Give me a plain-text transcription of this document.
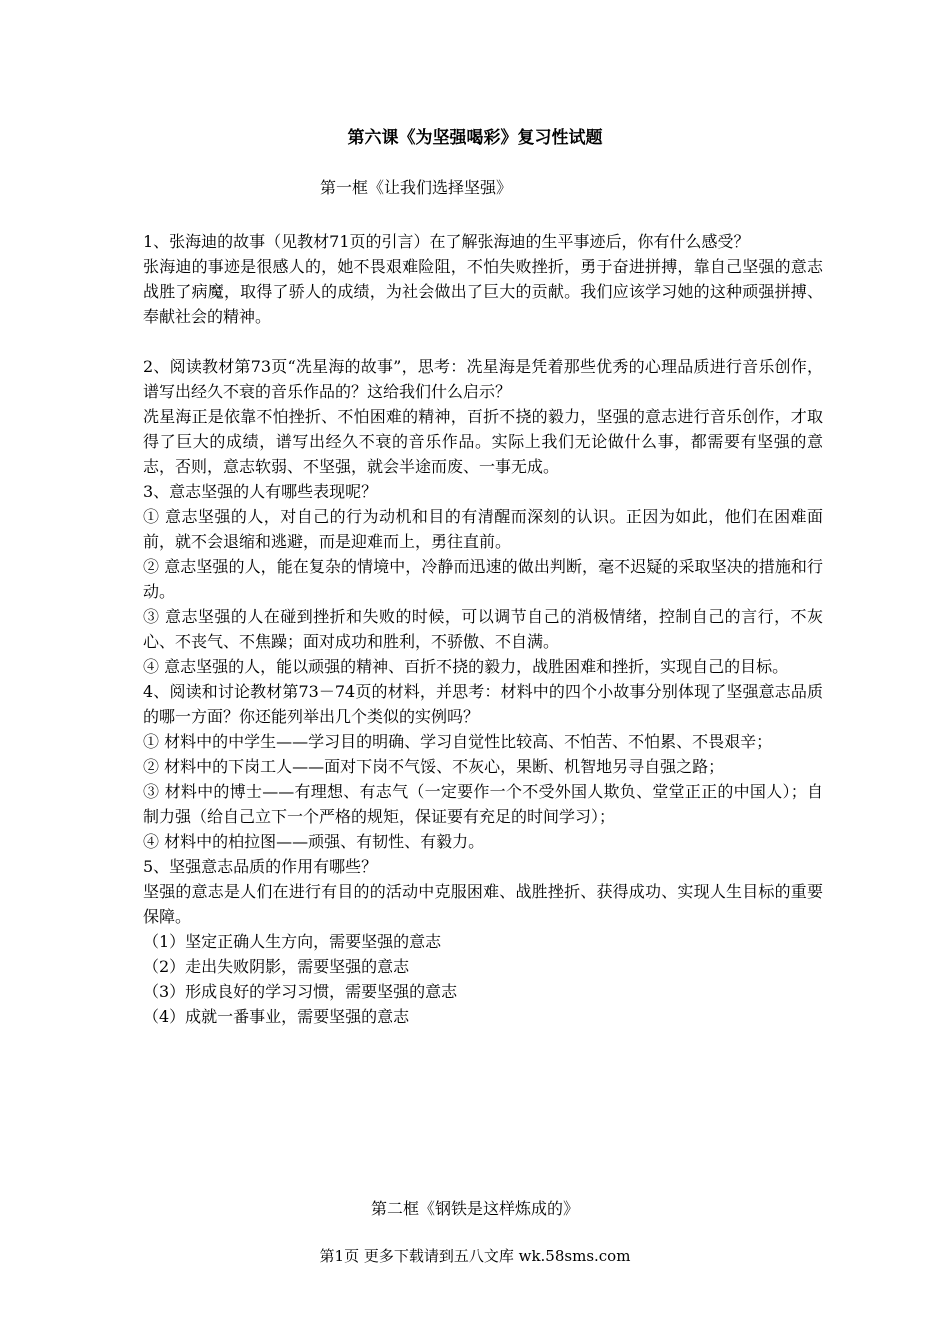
第六课《为坚强喝彩》复习性试题
第一框《让我们选择坚强》

1、张海迪的故事（见教材71页的引言）在了解张海迪的生平事迹后，你有什么感受？

张海迪的事迹是很感人的，她不畏艰难险阻，不怕失败挫折，勇于奋进拼搏，靠自己坚强的意志战胜了病魔，取得了骄人的成绩，为社会做出了巨大的贡献。我们应该学习她的这种顽强拼搏、奉献社会的精神。

2、阅读教材第73页“冼星海的故事”，思考：冼星海是凭着那些优秀的心理品质进行音乐创作，谱写出经久不衰的音乐作品的？这给我们什么启示？

冼星海正是依靠不怕挫折、不怕困难的精神，百折不挠的毅力，坚强的意志进行音乐创作，才取得了巨大的成绩，谱写出经久不衰的音乐作品。实际上我们无论做什么事，都需要有坚强的意志，否则，意志软弱、不坚强，就会半途而废、一事无成。

3、意志坚强的人有哪些表现呢？

① 意志坚强的人，对自己的行为动机和目的有清醒而深刻的认识。正因为如此，他们在困难面前，就不会退缩和逃避，而是迎难而上，勇往直前。

② 意志坚强的人，能在复杂的情境中，冷静而迅速的做出判断，毫不迟疑的采取坚决的措施和行动。

③ 意志坚强的人在碰到挫折和失败的时候，可以调节自己的消极情绪，控制自己的言行，不灰心、不丧气、不焦躁；面对成功和胜利，不骄傲、不自满。

④ 意志坚强的人，能以顽强的精神、百折不挠的毅力，战胜困难和挫折，实现自己的目标。

4、阅读和讨论教材第73－74页的材料，并思考：材料中的四个小故事分别体现了坚强意志品质的哪一方面？你还能列举出几个类似的实例吗？

① 材料中的中学生——学习目的明确、学习自觉性比较高、不怕苦、不怕累、不畏艰辛；

② 材料中的下岗工人——面对下岗不气馁、不灰心，果断、机智地另寻自强之路；

③ 材料中的博士——有理想、有志气（一定要作一个不受外国人欺负、堂堂正正的中国人）；自制力强（给自己立下一个严格的规矩，保证要有充足的时间学习）；

④ 材料中的柏拉图——顽强、有韧性、有毅力。

5、坚强意志品质的作用有哪些？

坚强的意志是人们在进行有目的的活动中克服困难、战胜挫折、获得成功、实现人生目标的重要保障。

（1）坚定正确人生方向，需要坚强的意志

（2）走出失败阴影，需要坚强的意志

（3）形成良好的学习习惯，需要坚强的意志

（4）成就一番事业，需要坚强的意志

第二框《钢铁是这样炼成的》
第1页 更多下载请到五八文库 wk.58sms.com
